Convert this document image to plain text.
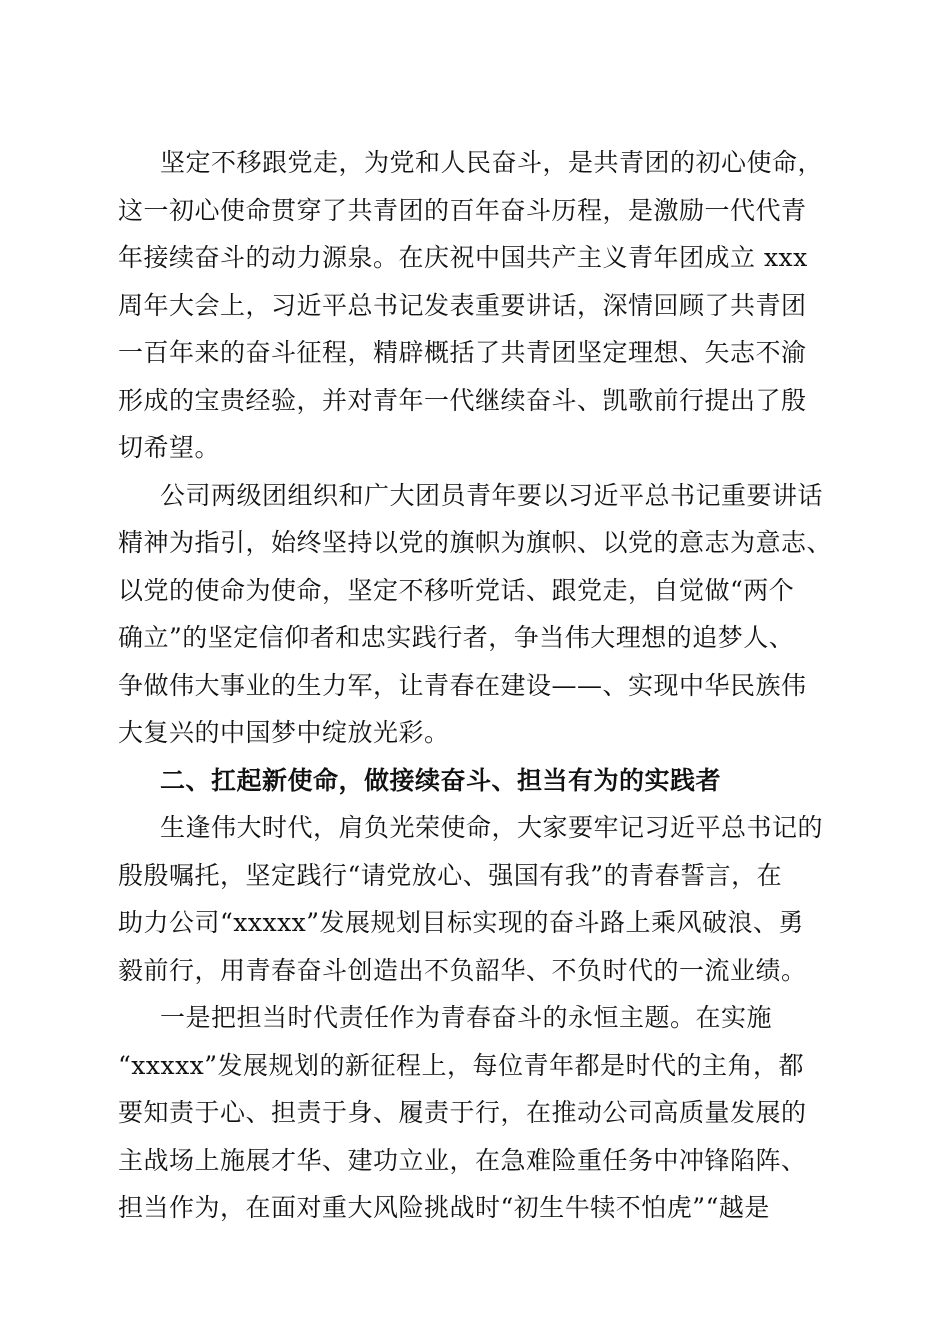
坚定不移跟党走，为党和人民奋斗，是共青团的初心使命，
这一初心使命贯穿了共青团的百年奋斗历程，是激励一代代青
年接续奋斗的动力源泉。在庆祝中国共产主义青年团成立 xxx
周年大会上，习近平总书记发表重要讲话，深情回顾了共青团
一百年来的奋斗征程，精辟概括了共青团坚定理想、矢志不渝
形成的宝贵经验，并对青年一代继续奋斗、凯歌前行提出了殷
切希望。
公司两级团组织和广大团员青年要以习近平总书记重要讲话
精神为指引，始终坚持以党的旗帜为旗帜、以党的意志为意志、
以党的使命为使命，坚定不移听党话、跟党走，自觉做“两个
确立”的坚定信仰者和忠实践行者，争当伟大理想的追梦人、
争做伟大事业的生力军，让青春在建设——、实现中华民族伟
大复兴的中国梦中绽放光彩。
二、扛起新使命，做接续奋斗、担当有为的实践者
生逢伟大时代，肩负光荣使命，大家要牢记习近平总书记的
殷殷嘱托，坚定践行“请党放心、强国有我”的青春誓言，在
助力公司“xxxxx”发展规划目标实现的奋斗路上乘风破浪、勇
毅前行，用青春奋斗创造出不负韶华、不负时代的一流业绩。
一是把担当时代责任作为青春奋斗的永恒主题。在实施
“xxxxx”发展规划的新征程上，每位青年都是时代的主角，都
要知责于心、担责于身、履责于行，在推动公司高质量发展的
主战场上施展才华、建功立业，在急难险重任务中冲锋陷阵、
担当作为，在面对重大风险挑战时“初生牛犊不怕虎”“越是
